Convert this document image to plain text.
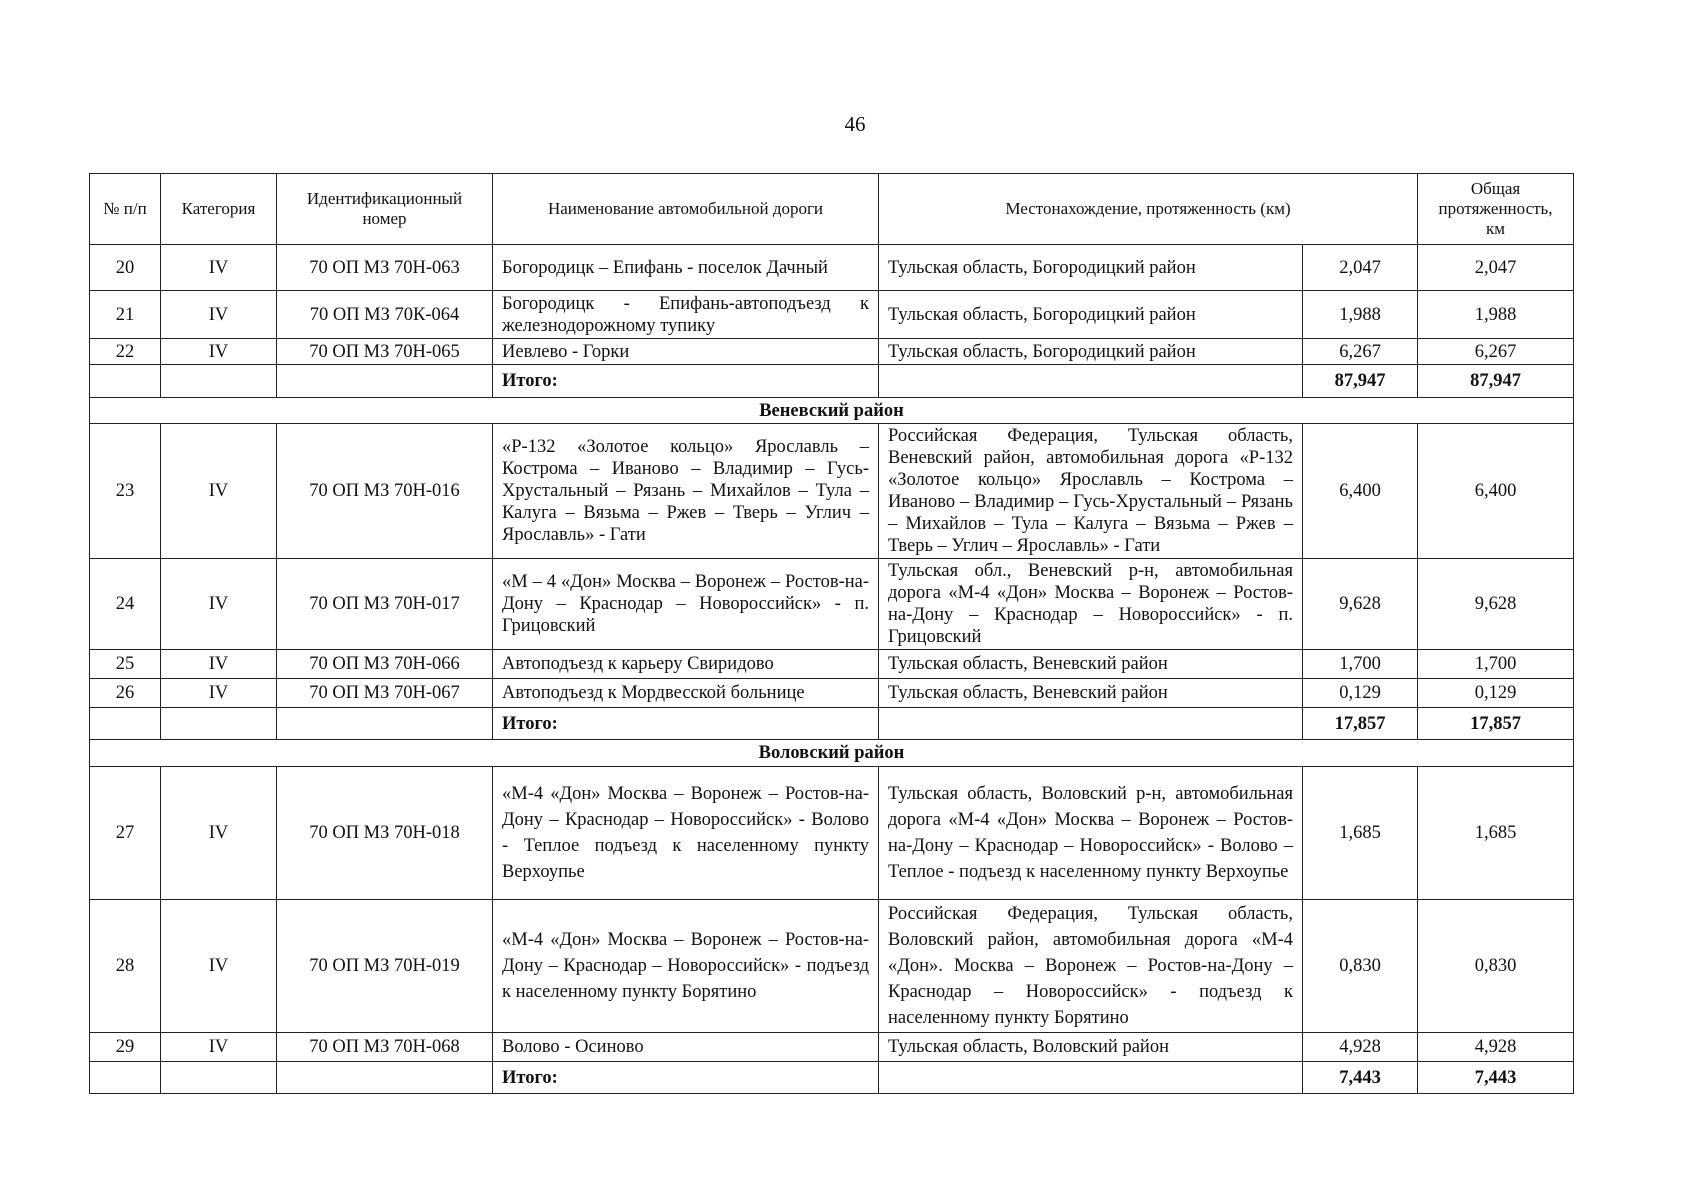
46
№ п/п	Категория	Идентификационный номер	Наименование автомобильной дороги	Местонахождение, протяженность (км)		Общая протяженность, км
20	IV	70 ОП МЗ 70Н-063	Богородицк – Епифань - поселок Дачный	Тульская область, Богородицкий район	2,047	2,047
21	IV	70 ОП МЗ 70К-064	Богородицк - Епифань-автоподъезд к железнодорожному тупику	Тульская область, Богородицкий район	1,988	1,988
22	IV	70 ОП МЗ 70Н-065	Иевлево - Горки	Тульская область, Богородицкий район	6,267	6,267
			Итого:		87,947	87,947
Веневский район						
23	IV	70 ОП МЗ 70Н-016	«Р-132 «Золотое кольцо» Ярославль – Кострома – Иваново – Владимир – Гусь-Хрустальный – Рязань – Михайлов – Тула – Калуга – Вязьма – Ржев – Тверь – Углич – Ярославль» - Гати	Российская Федерация, Тульская область, Веневский район, автомобильная дорога «Р-132 «Золотое кольцо» Ярославль – Кострома – Иваново – Владимир – Гусь-Хрустальный – Рязань – Михайлов – Тула – Калуга – Вязьма – Ржев – Тверь – Углич – Ярославль» - Гати	6,400	6,400
24	IV	70 ОП МЗ 70Н-017	«М – 4 «Дон» Москва – Воронеж – Ростов-на-Дону – Краснодар – Новороссийск» - п. Грицовский	Тульская обл., Веневский р-н, автомобильная дорога «М-4 «Дон» Москва – Воронеж – Ростов-на-Дону – Краснодар – Новороссийск» - п. Грицовский	9,628	9,628
25	IV	70 ОП МЗ 70Н-066	Автоподъезд к карьеру Свиридово	Тульская область, Веневский район	1,700	1,700
26	IV	70 ОП МЗ 70Н-067	Автоподъезд к Мордвесской больнице	Тульская область, Веневский район	0,129	0,129
			Итого:		17,857	17,857
Воловский район						
27	IV	70 ОП МЗ 70Н-018	«М-4 «Дон» Москва – Воронеж – Ростов-на-Дону – Краснодар – Новороссийск» - Волово - Теплое подъезд к населенному пункту Верхоупье	Тульская область, Воловский р-н, автомобильная дорога «М-4 «Дон» Москва – Воронеж – Ростов-на-Дону – Краснодар – Новороссийск» - Волово – Теплое - подъезд к населенному пункту Верхоупье	1,685	1,685
28	IV	70 ОП МЗ 70Н-019	«М-4 «Дон» Москва – Воронеж – Ростов-на-Дону – Краснодар – Новороссийск» - подъезд к населенному пункту Борятино	Российская Федерация, Тульская область, Воловский район, автомобильная дорога «М-4 «Дон». Москва – Воронеж – Ростов-на-Дону – Краснодар – Новороссийск» - подъезд к населенному пункту Борятино	0,830	0,830
29	IV	70 ОП МЗ 70Н-068	Волово - Осиново	Тульская область, Воловский район	4,928	4,928
			Итого:		7,443	7,443
